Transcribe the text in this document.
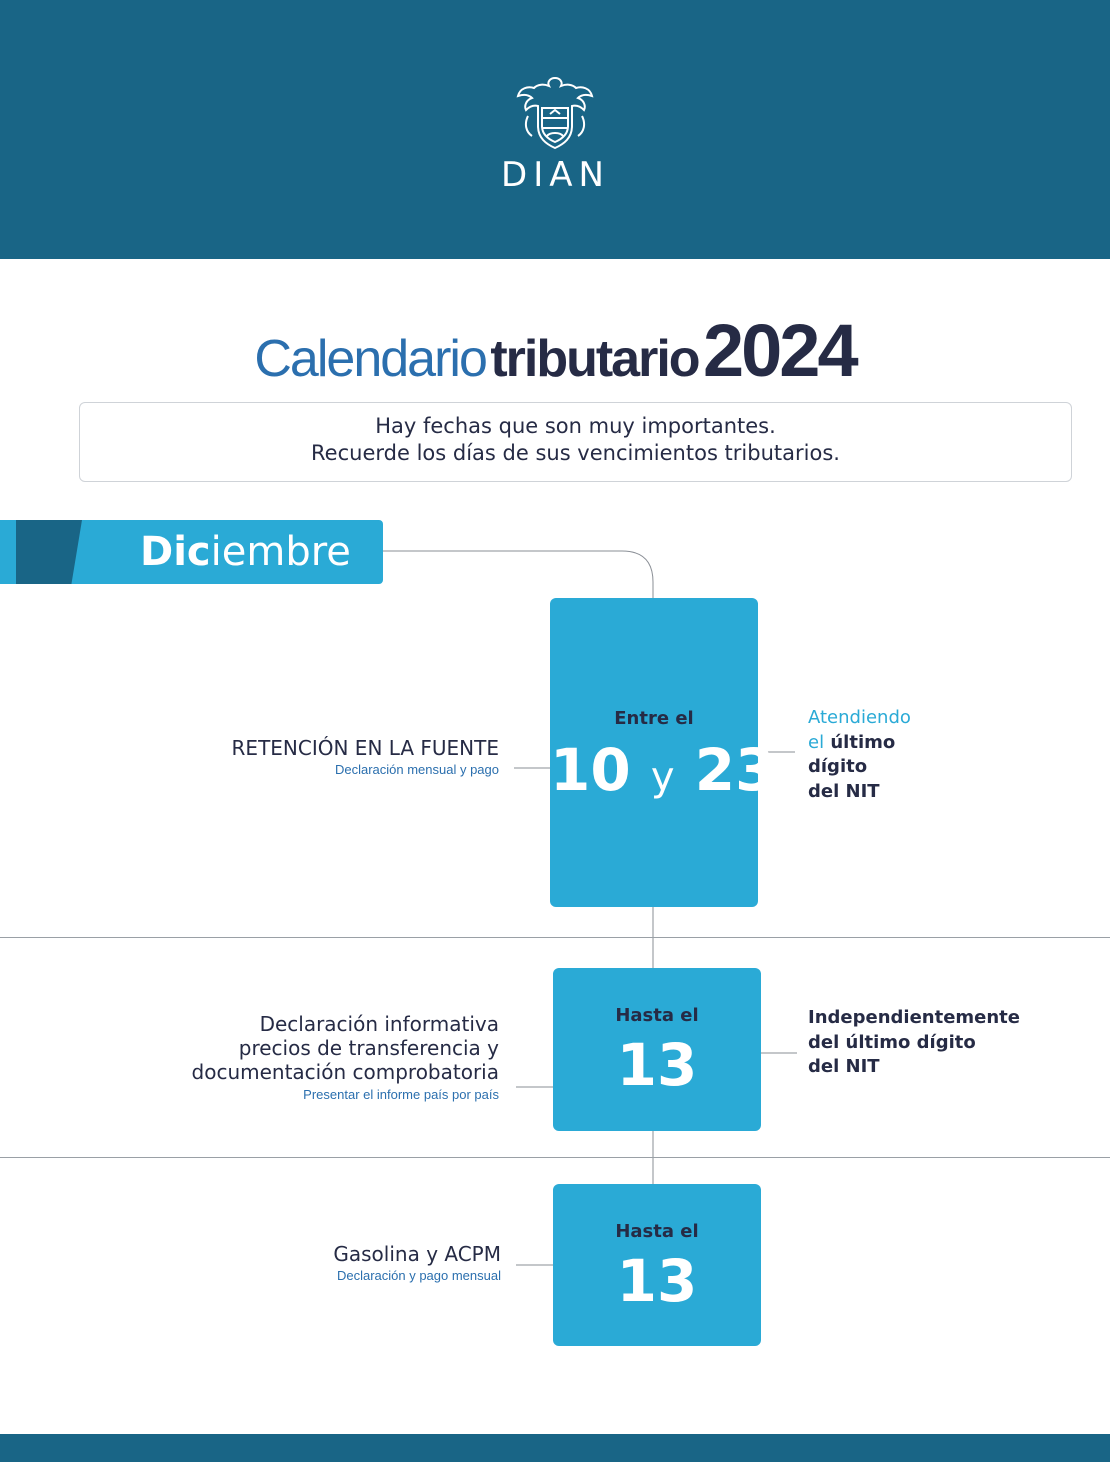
DIAN
Calendario tributario 2024
Hay fechas que son muy importantes.
Recuerde los días de sus vencimientos tributarios.
Diciembre
RETENCIÓN EN LA FUENTE
Declaración mensual y pago
Entre el
10 y 23
Atendiendo
el último
dígito
del NIT
Declaración informativa
precios de transferencia y
documentación comprobatoria
Presentar el informe país por país
Hasta el
13
Independientemente
del último dígito
del NIT
Gasolina y ACPM
Declaración y pago mensual
Hasta el
13
